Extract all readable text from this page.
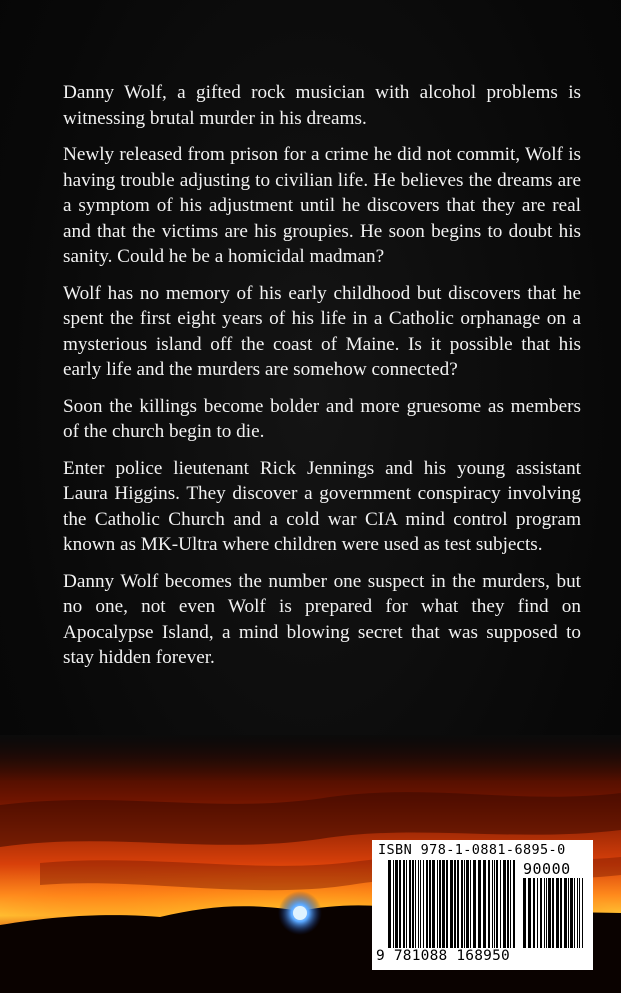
Danny Wolf, a gifted rock musician with alcohol problems is witnessing brutal murder in his dreams.

Newly released from prison for a crime he did not commit, Wolf is having trouble adjusting to civilian life. He believes the dreams are a symptom of his adjustment until he discovers that they are real and that the victims are his groupies. He soon begins to doubt his sanity. Could he be a homicidal madman?

Wolf has no memory of his early childhood but discovers that he spent the first eight years of his life in a Catholic orphanage on a mysterious island off the coast of Maine. Is it possible that his early life and the murders are somehow connected?

Soon the killings become bolder and more gruesome as members of the church begin to die.

Enter police lieutenant Rick Jennings and his young assistant Laura Higgins. They discover a government conspiracy involving the Catholic Church and a cold war CIA mind control program known as MK-Ultra where children were used as test subjects.

Danny Wolf becomes the number one suspect in the murders, but no one, not even Wolf is prepared for what they find on Apocalypse Island, a mind blowing secret that was supposed to stay hidden forever.

ISBN 978-1-0881-6895-0
90000
9 781088 168950
